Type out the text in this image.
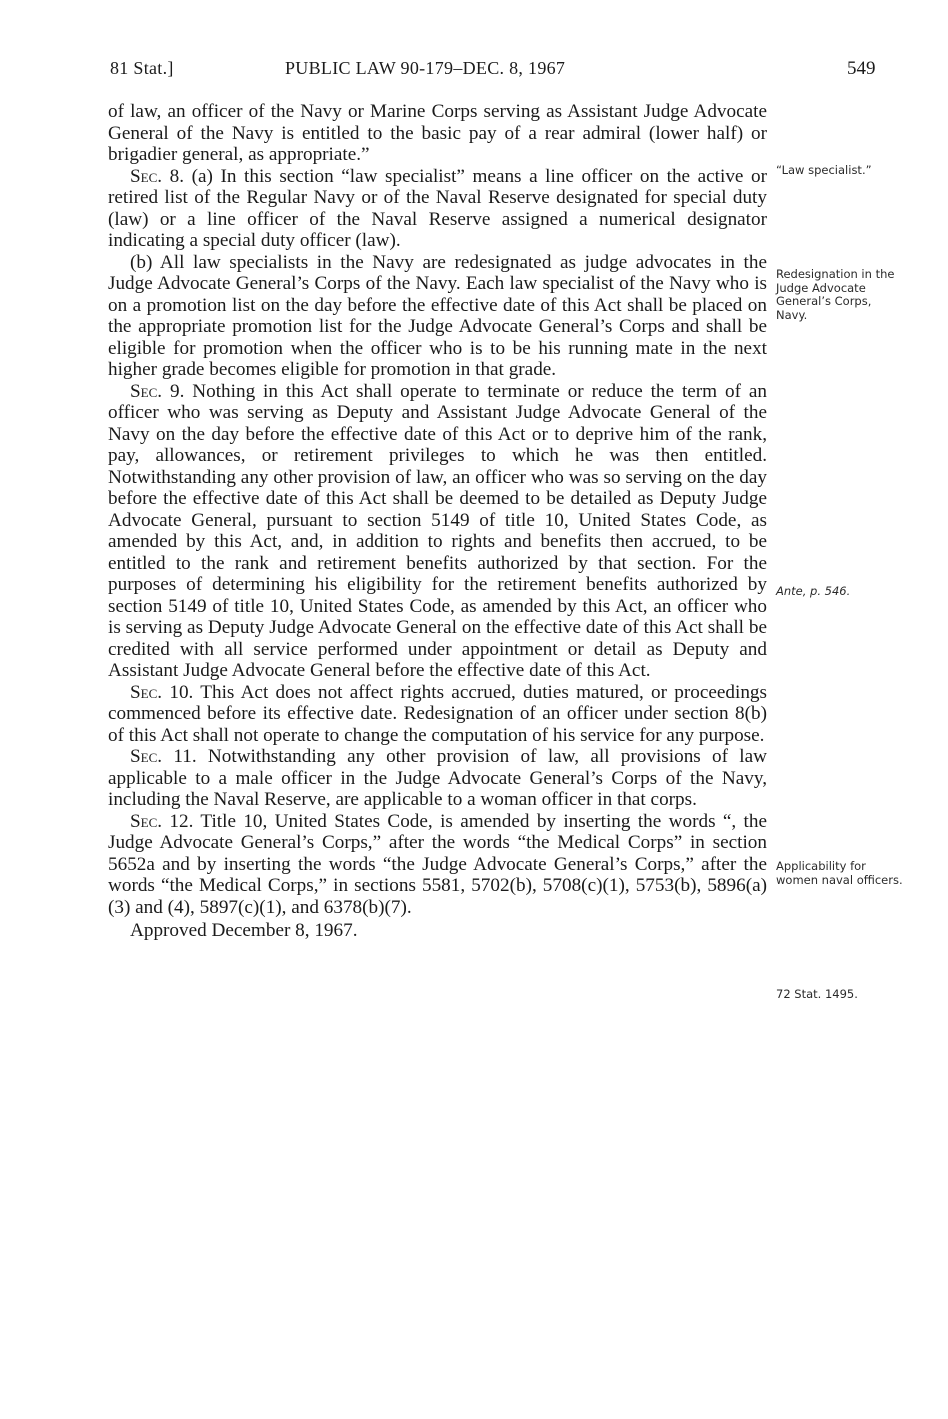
81 Stat.]	PUBLIC LAW 90-179–DEC. 8, 1967	549

of law, an officer of the Navy or Marine Corps serving as Assistant Judge Advocate General of the Navy is entitled to the basic pay of a rear admiral (lower half) or brigadier general, as appropriate.”

Sec. 8. (a) In this section “law specialist” means a line officer on the active or retired list of the Regular Navy or of the Naval Reserve designated for special duty (law) or a line officer of the Naval Reserve assigned a numerical designator indicating a special duty officer (law).

(b) All law specialists in the Navy are redesignated as judge advocates in the Judge Advocate General’s Corps of the Navy. Each law specialist of the Navy who is on a promotion list on the day before the effective date of this Act shall be placed on the appropriate promotion list for the Judge Advocate General’s Corps and shall be eligible for promotion when the officer who is to be his running mate in the next higher grade becomes eligible for promotion in that grade.

Sec. 9. Nothing in this Act shall operate to terminate or reduce the term of an officer who was serving as Deputy and Assistant Judge Advocate General of the Navy on the day before the effective date of this Act or to deprive him of the rank, pay, allowances, or retirement privileges to which he was then entitled. Notwithstanding any other provision of law, an officer who was so serving on the day before the effective date of this Act shall be deemed to be detailed as Deputy Judge Advocate General, pursuant to section 5149 of title 10, United States Code, as amended by this Act, and, in addition to rights and benefits then accrued, to be entitled to the rank and retirement benefits authorized by that section. For the purposes of determining his eligibility for the retirement benefits authorized by section 5149 of title 10, United States Code, as amended by this Act, an officer who is serving as Deputy Judge Advocate General on the effective date of this Act shall be credited with all service performed under appointment or detail as Deputy and Assistant Judge Advocate General before the effective date of this Act.

Sec. 10. This Act does not affect rights accrued, duties matured, or proceedings commenced before its effective date. Redesignation of an officer under section 8(b) of this Act shall not operate to change the computation of his service for any purpose.

Sec. 11. Notwithstanding any other provision of law, all provisions of law applicable to a male officer in the Judge Advocate General’s Corps of the Navy, including the Naval Reserve, are applicable to a woman officer in that corps.

Sec. 12. Title 10, United States Code, is amended by inserting the words “, the Judge Advocate General’s Corps,” after the words “the Medical Corps” in section 5652a and by inserting the words “the Judge Advocate General’s Corps,” after the words “the Medical Corps,” in sections 5581, 5702(b), 5708(c)(1), 5753(b), 5896(a)(3) and (4), 5897(c)(1), and 6378(b)(7).

Approved December 8, 1967.

“Law specialist.”
Redesignation in the Judge Advocate General’s Corps, Navy.
Ante, p. 546.
Applicability for women naval officers.
72 Stat. 1495.
